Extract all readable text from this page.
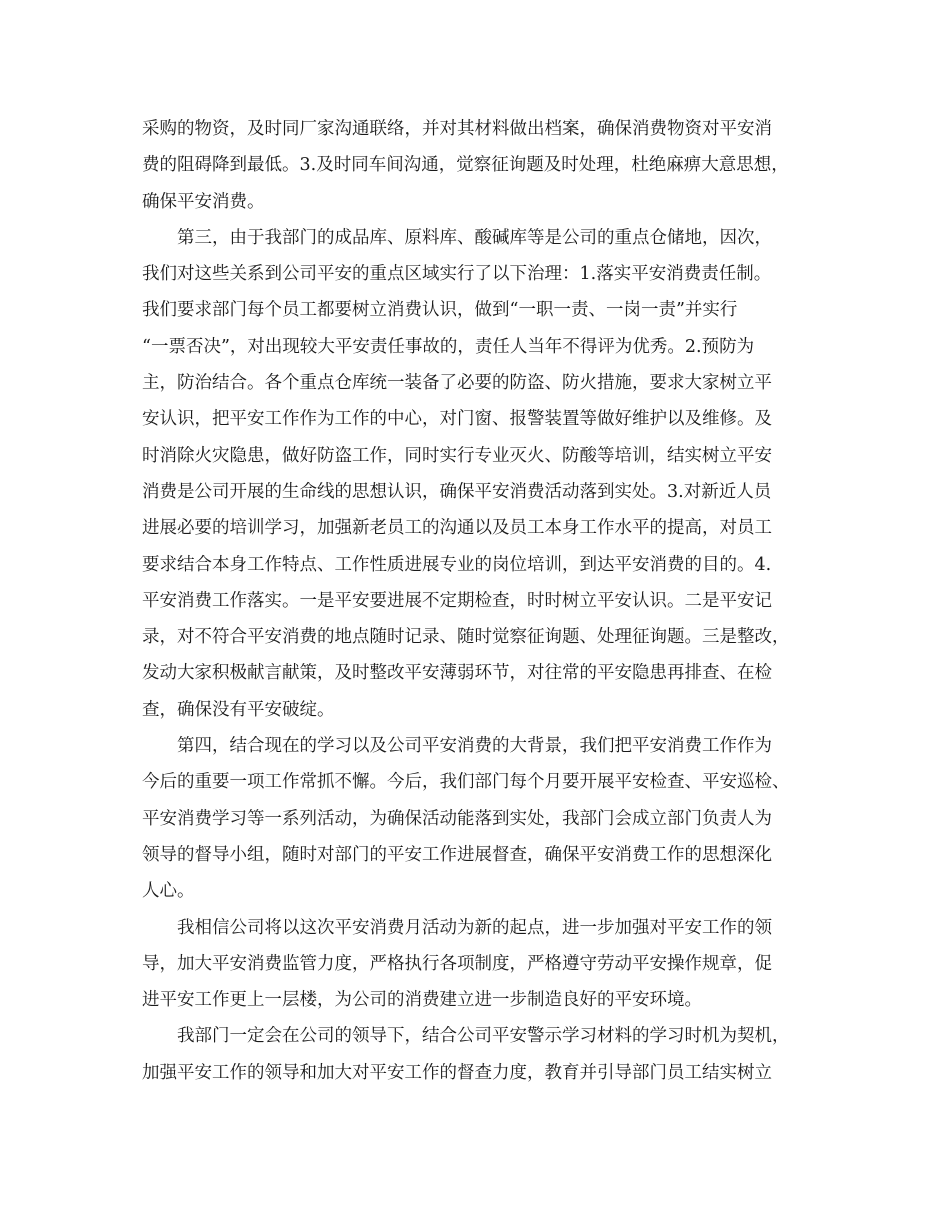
采购的物资，及时同厂家沟通联络，并对其材料做出档案，确保消费物资对平安消
费的阻碍降到最低。3.及时同车间沟通，觉察征询题及时处理，杜绝麻痹大意思想，
确保平安消费。
第三，由于我部门的成品库、原料库、酸碱库等是公司的重点仓储地，因次，
我们对这些关系到公司平安的重点区域实行了以下治理：1.落实平安消费责任制。
我们要求部门每个员工都要树立消费认识，做到“一职一责、一岗一责”并实行
“一票否决”，对出现较大平安责任事故的，责任人当年不得评为优秀。2.预防为
主，防治结合。各个重点仓库统一装备了必要的防盗、防火措施，要求大家树立平
安认识，把平安工作作为工作的中心，对门窗、报警装置等做好维护以及维修。及
时消除火灾隐患，做好防盗工作，同时实行专业灭火、防酸等培训，结实树立平安
消费是公司开展的生命线的思想认识，确保平安消费活动落到实处。3.对新近人员
进展必要的培训学习，加强新老员工的沟通以及员工本身工作水平的提高，对员工
要求结合本身工作特点、工作性质进展专业的岗位培训，到达平安消费的目的。4.
平安消费工作落实。一是平安要进展不定期检查，时时树立平安认识。二是平安记
录，对不符合平安消费的地点随时记录、随时觉察征询题、处理征询题。三是整改，
发动大家积极献言献策，及时整改平安薄弱环节，对往常的平安隐患再排查、在检
查，确保没有平安破绽。
第四，结合现在的学习以及公司平安消费的大背景，我们把平安消费工作作为
今后的重要一项工作常抓不懈。今后，我们部门每个月要开展平安检查、平安巡检、
平安消费学习等一系列活动，为确保活动能落到实处，我部门会成立部门负责人为
领导的督导小组，随时对部门的平安工作进展督查，确保平安消费工作的思想深化
人心。
我相信公司将以这次平安消费月活动为新的起点，进一步加强对平安工作的领
导，加大平安消费监管力度，严格执行各项制度，严格遵守劳动平安操作规章，促
进平安工作更上一层楼，为公司的消费建立进一步制造良好的平安环境。
我部门一定会在公司的领导下，结合公司平安警示学习材料的学习时机为契机，
加强平安工作的领导和加大对平安工作的督查力度，教育并引导部门员工结实树立
